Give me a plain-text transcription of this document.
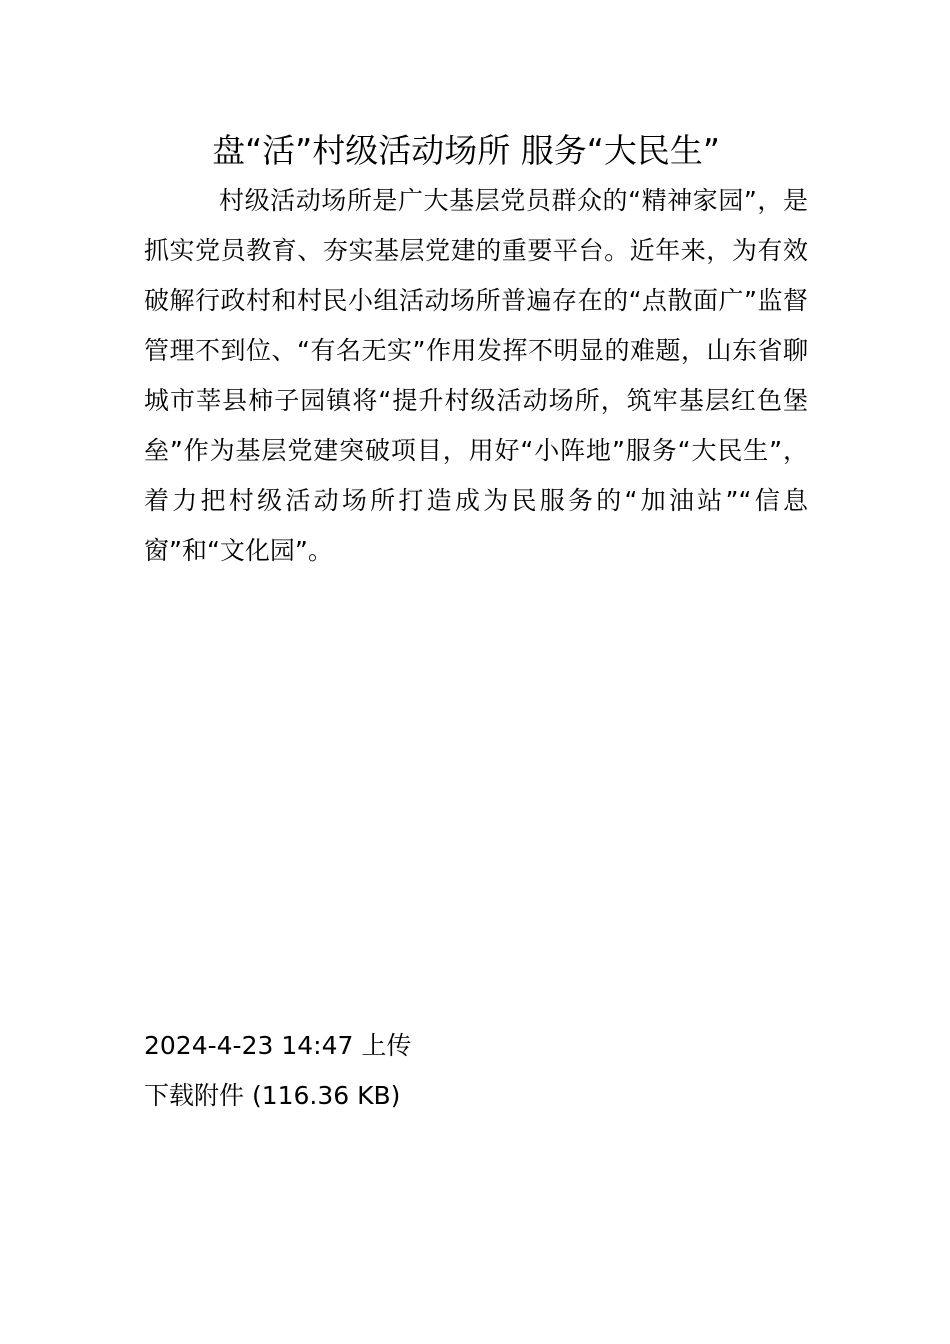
盘“活”村级活动场所 服务“大民生”

村级活动场所是广大基层党员群众的“精神家园”，是抓实党员教育、夯实基层党建的重要平台。近年来，为有效破解行政村和村民小组活动场所普遍存在的“点散面广”监督管理不到位、“有名无实”作用发挥不明显的难题，山东省聊城市莘县柿子园镇将“提升村级活动场所，筑牢基层红色堡垒”作为基层党建突破项目，用好“小阵地”服务“大民生”，着力把村级活动场所打造成为民服务的“加油站”“信息窗”和“文化园”。

2024-4-23 14:47 上传
下载附件 (116.36 KB)
